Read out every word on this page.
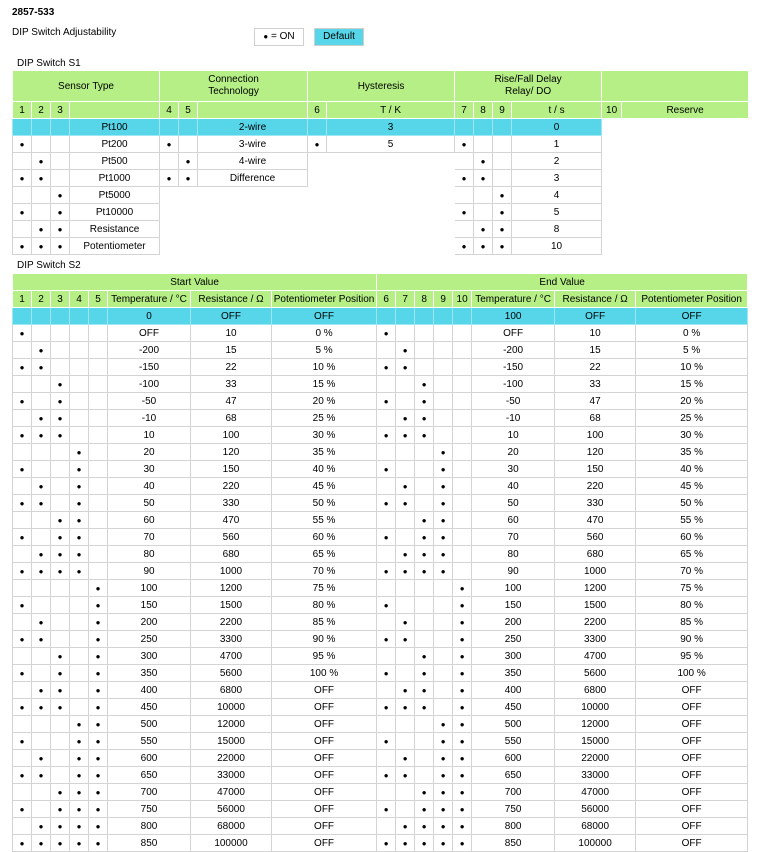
2857-533
DIP Switch Adjustability ●	= ON	Default
DIP Switch S1
Sensor Type				Connection Technology			Hysteresis		Rise/Fall Delay Relay/ DO					
1	2	3		4	5		6	T / K	7	8	9	t / s	10	Reserve
			Pt100			2-wire		3				0		
●			Pt200	●		3-wire	●	5	●			1		
	●		Pt500		●	4-wire				●		2		
●	●		Pt1000	●	●	Difference			●	●		3		
		●	Pt5000								●	4		
●		●	Pt10000						●		●	5		
	●	●	Resistance							●	●	8		
●	●	●	Potentiometer						●	●	●	10		
DIP Switch S2
Start Value								End Value							
1	2	3	4	5	Temperature / °C	Resistance / Ω	Potentiometer Position	6	7	8	9	10	Temperature / °C	Resistance / Ω	Potentiometer Position
					0	OFF	OFF						100	OFF	OFF
●					OFF	10	0 %	●					OFF	10	0 %
	●				-200	15	5 %		●				-200	15	5 %
●	●				-150	22	10 %	●	●				-150	22	10 %
		●			-100	33	15 %			●			-100	33	15 %
●		●			-50	47	20 %	●		●			-50	47	20 %
	●	●			-10	68	25 %		●	●			-10	68	25 %
●	●	●			10	100	30 %	●	●	●			10	100	30 %
			●		20	120	35 %				●		20	120	35 %
●			●		30	150	40 %	●			●		30	150	40 %
	●		●		40	220	45 %		●		●		40	220	45 %
●	●		●		50	330	50 %	●	●		●		50	330	50 %
		●	●		60	470	55 %			●	●		60	470	55 %
●		●	●		70	560	60 %	●		●	●		70	560	60 %
	●	●	●		80	680	65 %		●	●	●		80	680	65 %
●	●	●	●		90	1000	70 %	●	●	●	●		90	1000	70 %
				●	100	1200	75 %					●	100	1200	75 %
●				●	150	1500	80 %	●				●	150	1500	80 %
	●			●	200	2200	85 %		●			●	200	2200	85 %
●	●			●	250	3300	90 %	●	●			●	250	3300	90 %
		●		●	300	4700	95 %			●		●	300	4700	95 %
●		●		●	350	5600	100 %	●		●		●	350	5600	100 %
	●	●		●	400	6800	OFF		●	●		●	400	6800	OFF
●	●	●		●	450	10000	OFF	●	●	●		●	450	10000	OFF
			●	●	500	12000	OFF				●	●	500	12000	OFF
●			●	●	550	15000	OFF	●			●	●	550	15000	OFF
	●		●	●	600	22000	OFF		●		●	●	600	22000	OFF
●	●		●	●	650	33000	OFF	●	●		●	●	650	33000	OFF
		●	●	●	700	47000	OFF			●	●	●	700	47000	OFF
●		●	●	●	750	56000	OFF	●		●	●	●	750	56000	OFF
	●	●	●	●	800	68000	OFF		●	●	●	●	800	68000	OFF
●	●	●	●	●	850	100000	OFF	●	●	●	●	●	850	100000	OFF
